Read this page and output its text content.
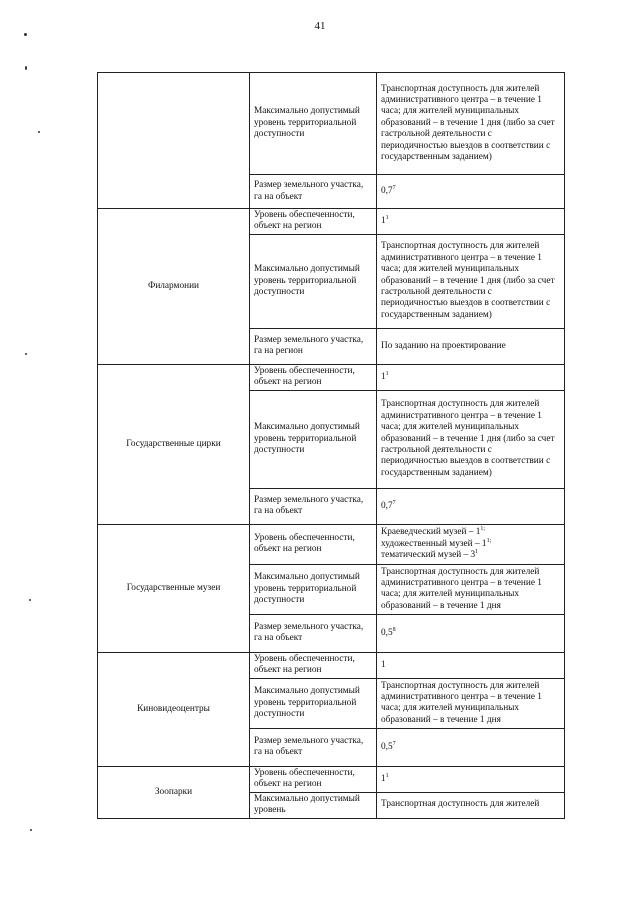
41
	Максимально допустимый уровень территориальной доступности	Транспортная доступность для жителей административного центра – в течение 1 часа; для жителей муниципальных образований – в течение 1 дня (либо за счет гастрольной деятельности с периодичностью выездов в соответствии с государственным заданием)
	Размер земельного участка, га на объект	$0,7^7$
Филармонии	Уровень обеспеченности, объект на регион	$1^1$
	Максимально допустимый уровень территориальной доступности	Транспортная доступность для жителей административного центра – в течение 1 часа; для жителей муниципальных образований – в течение 1 дня (либо за счет гастрольной деятельности с периодичностью выездов в соответствии с государственным заданием)
	Размер земельного участка, га на регион	По заданию на проектирование
Государственные цирки	Уровень обеспеченности, объект на регион	$1^1$
	Максимально допустимый уровень территориальной доступности	Транспортная доступность для жителей административного центра – в течение 1 часа; для жителей муниципальных образований – в течение 1 дня (либо за счет гастрольной деятельности с периодичностью выездов в соответствии с государственным заданием)
	Размер земельного участка, га на объект	$0,7^7$
Государственные музеи	Уровень обеспеченности, объект на регион	Краеведческий музей – $1^{1;}$
художественный музей – $1^{1;}$
тематический музей – $3^1$

	Максимально допустимый уровень территориальной доступности	Транспортная доступность для жителей административного центра – в течение 1 часа; для жителей муниципальных образований – в течение 1 дня
	Размер земельного участка, га на объект	$0,5^8$
Киновидеоцентры	Уровень обеспеченности, объект на регион	1
	Максимально допустимый уровень территориальной доступности	Транспортная доступность для жителей административного центра – в течение 1 часа; для жителей муниципальных образований – в течение 1 дня
	Размер земельного участка, га на объект	$0,5^7$
Зоопарки	Уровень обеспеченности, объект на регион	$1^1$
	Максимально допустимый уровень	Транспортная доступность для жителей
